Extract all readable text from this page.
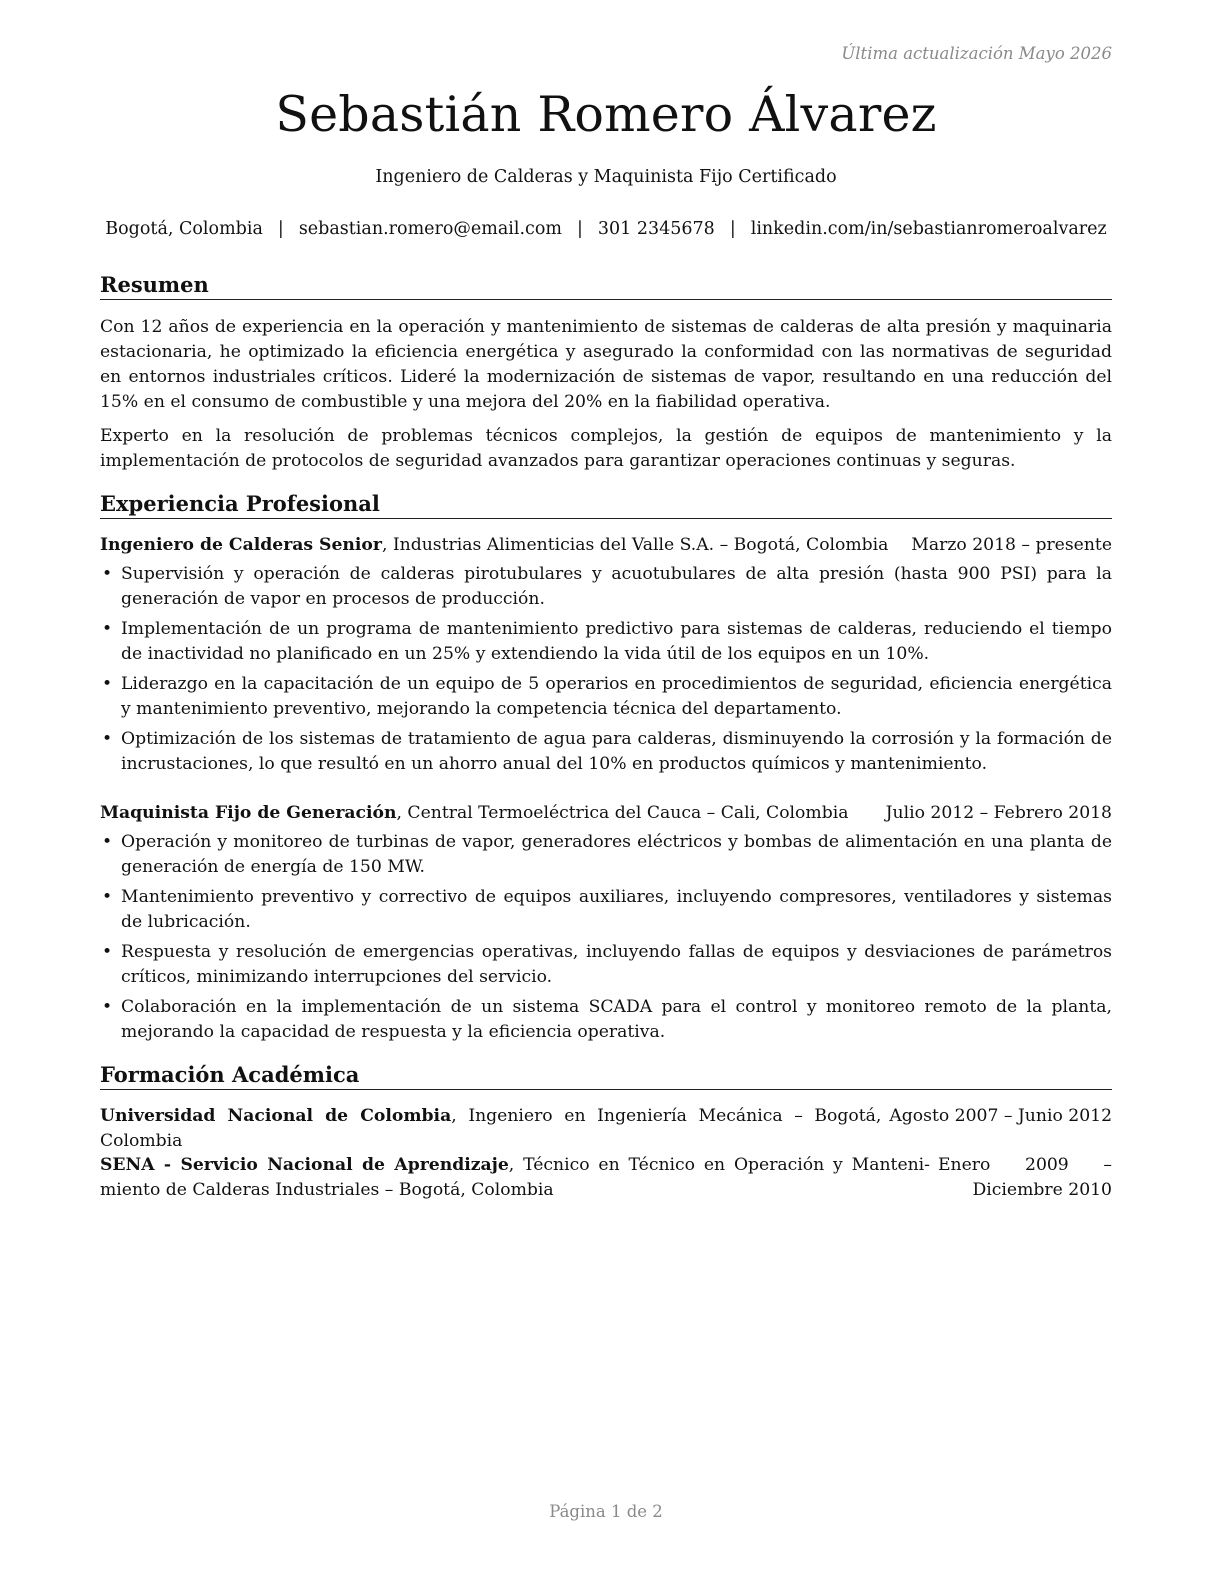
Última actualización Mayo 2026
Sebastián Romero Álvarez
Ingeniero de Calderas y Maquinista Fijo Certificado
Bogotá, Colombia | sebastian.romero@email.com | 301 2345678 | linkedin.com/in/sebastianromeroalvarez
Resumen

Con 12 años de experiencia en la operación y mantenimiento de sistemas de calderas de alta presión y maquinaria estacionaria, he optimizado la eficiencia energética y asegurado la conformidad con las normativas de seguridad en entornos industriales críticos. Lideré la modernización de sistemas de vapor, resultando en una reducción del 15% en el consumo de combustible y una mejora del 20% en la fiabilidad operativa.

Experto en la resolución de problemas técnicos complejos, la gestión de equipos de mantenimiento y la implementación de protocolos de seguridad avanzados para garantizar operaciones continuas y seguras.

Experiencia Profesional
Ingeniero de Calderas Senior, Industrias Alimenticias del Valle S.A. – Bogotá, Colombia Marzo 2018 – presente
• Supervisión y operación de calderas pirotubulares y acuotubulares de alta presión (hasta 900 PSI) para la generación de vapor en procesos de producción.
• Implementación de un programa de mantenimiento predictivo para sistemas de calderas, reduciendo el tiempo de inactividad no planificado en un 25% y extendiendo la vida útil de los equipos en un 10%.
• Liderazgo en la capacitación de un equipo de 5 operarios en procedimientos de seguridad, eficiencia energética y mantenimiento preventivo, mejorando la competencia técnica del departamento.
• Optimización de los sistemas de tratamiento de agua para calderas, disminuyendo la corrosión y la formación de incrustaciones, lo que resultó en un ahorro anual del 10% en productos químicos y mantenimiento.
Maquinista Fijo de Generación, Central Termoeléctrica del Cauca – Cali, Colombia Julio 2012 – Febrero 2018
• Operación y monitoreo de turbinas de vapor, generadores eléctricos y bombas de alimentación en una planta de generación de energía de 150 MW.
• Mantenimiento preventivo y correctivo de equipos auxiliares, incluyendo compresores, ventiladores y sistemas de lubricación.
• Respuesta y resolución de emergencias operativas, incluyendo fallas de equipos y desviaciones de parámetros críticos, minimizando interrupciones del servicio.
• Colaboración en la implementación de un sistema SCADA para el control y monitoreo remoto de la planta, mejorando la capacidad de respuesta y la eficiencia operativa.
Formación Académica
Universidad Nacional de Colombia, Ingeniero en Ingeniería Mecánica – Bogotá, Colombia
Agosto 2007 – Junio 2012
SENA - Servicio Nacional de Aprendizaje, Técnico en Técnico en Operación y Manteni- miento de Calderas Industriales – Bogotá, Colombia
Enero 2009 – Diciembre 2010
Página 1 de 2
